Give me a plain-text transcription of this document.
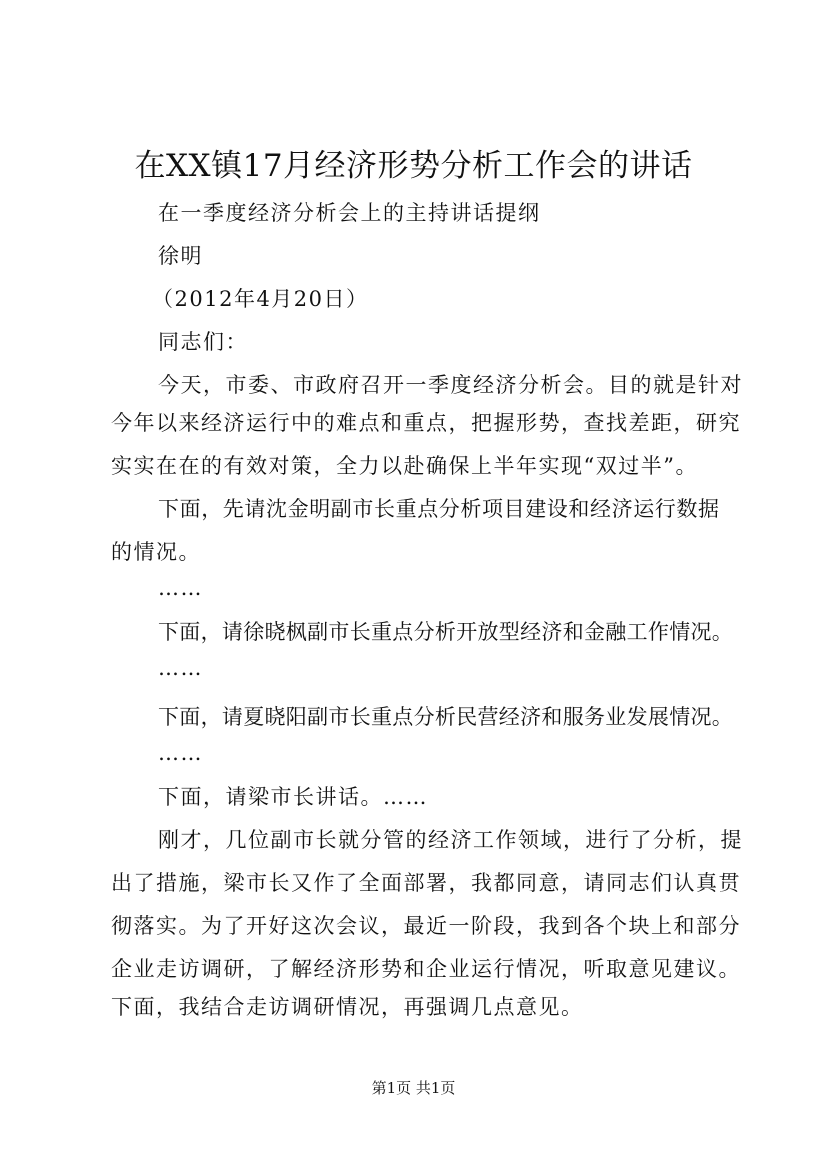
在XX镇17月经济形势分析工作会的讲话
在一季度经济分析会上的主持讲话提纲
徐明
（2012年4月20日）
同志们：
今天，市委、市政府召开一季度经济分析会。目的就是针对
今年以来经济运行中的难点和重点，把握形势，查找差距，研究
实实在在的有效对策，全力以赴确保上半年实现“双过半”。
下面，先请沈金明副市长重点分析项目建设和经济运行数据
的情况。
……
下面，请徐晓枫副市长重点分析开放型经济和金融工作情况。
……
下面，请夏晓阳副市长重点分析民营经济和服务业发展情况。
……
下面，请梁市长讲话。……
刚才，几位副市长就分管的经济工作领域，进行了分析，提
出了措施，梁市长又作了全面部署，我都同意，请同志们认真贯
彻落实。为了开好这次会议，最近一阶段，我到各个块上和部分
企业走访调研，了解经济形势和企业运行情况，听取意见建议。
下面，我结合走访调研情况，再强调几点意见。
第1页 共1页
